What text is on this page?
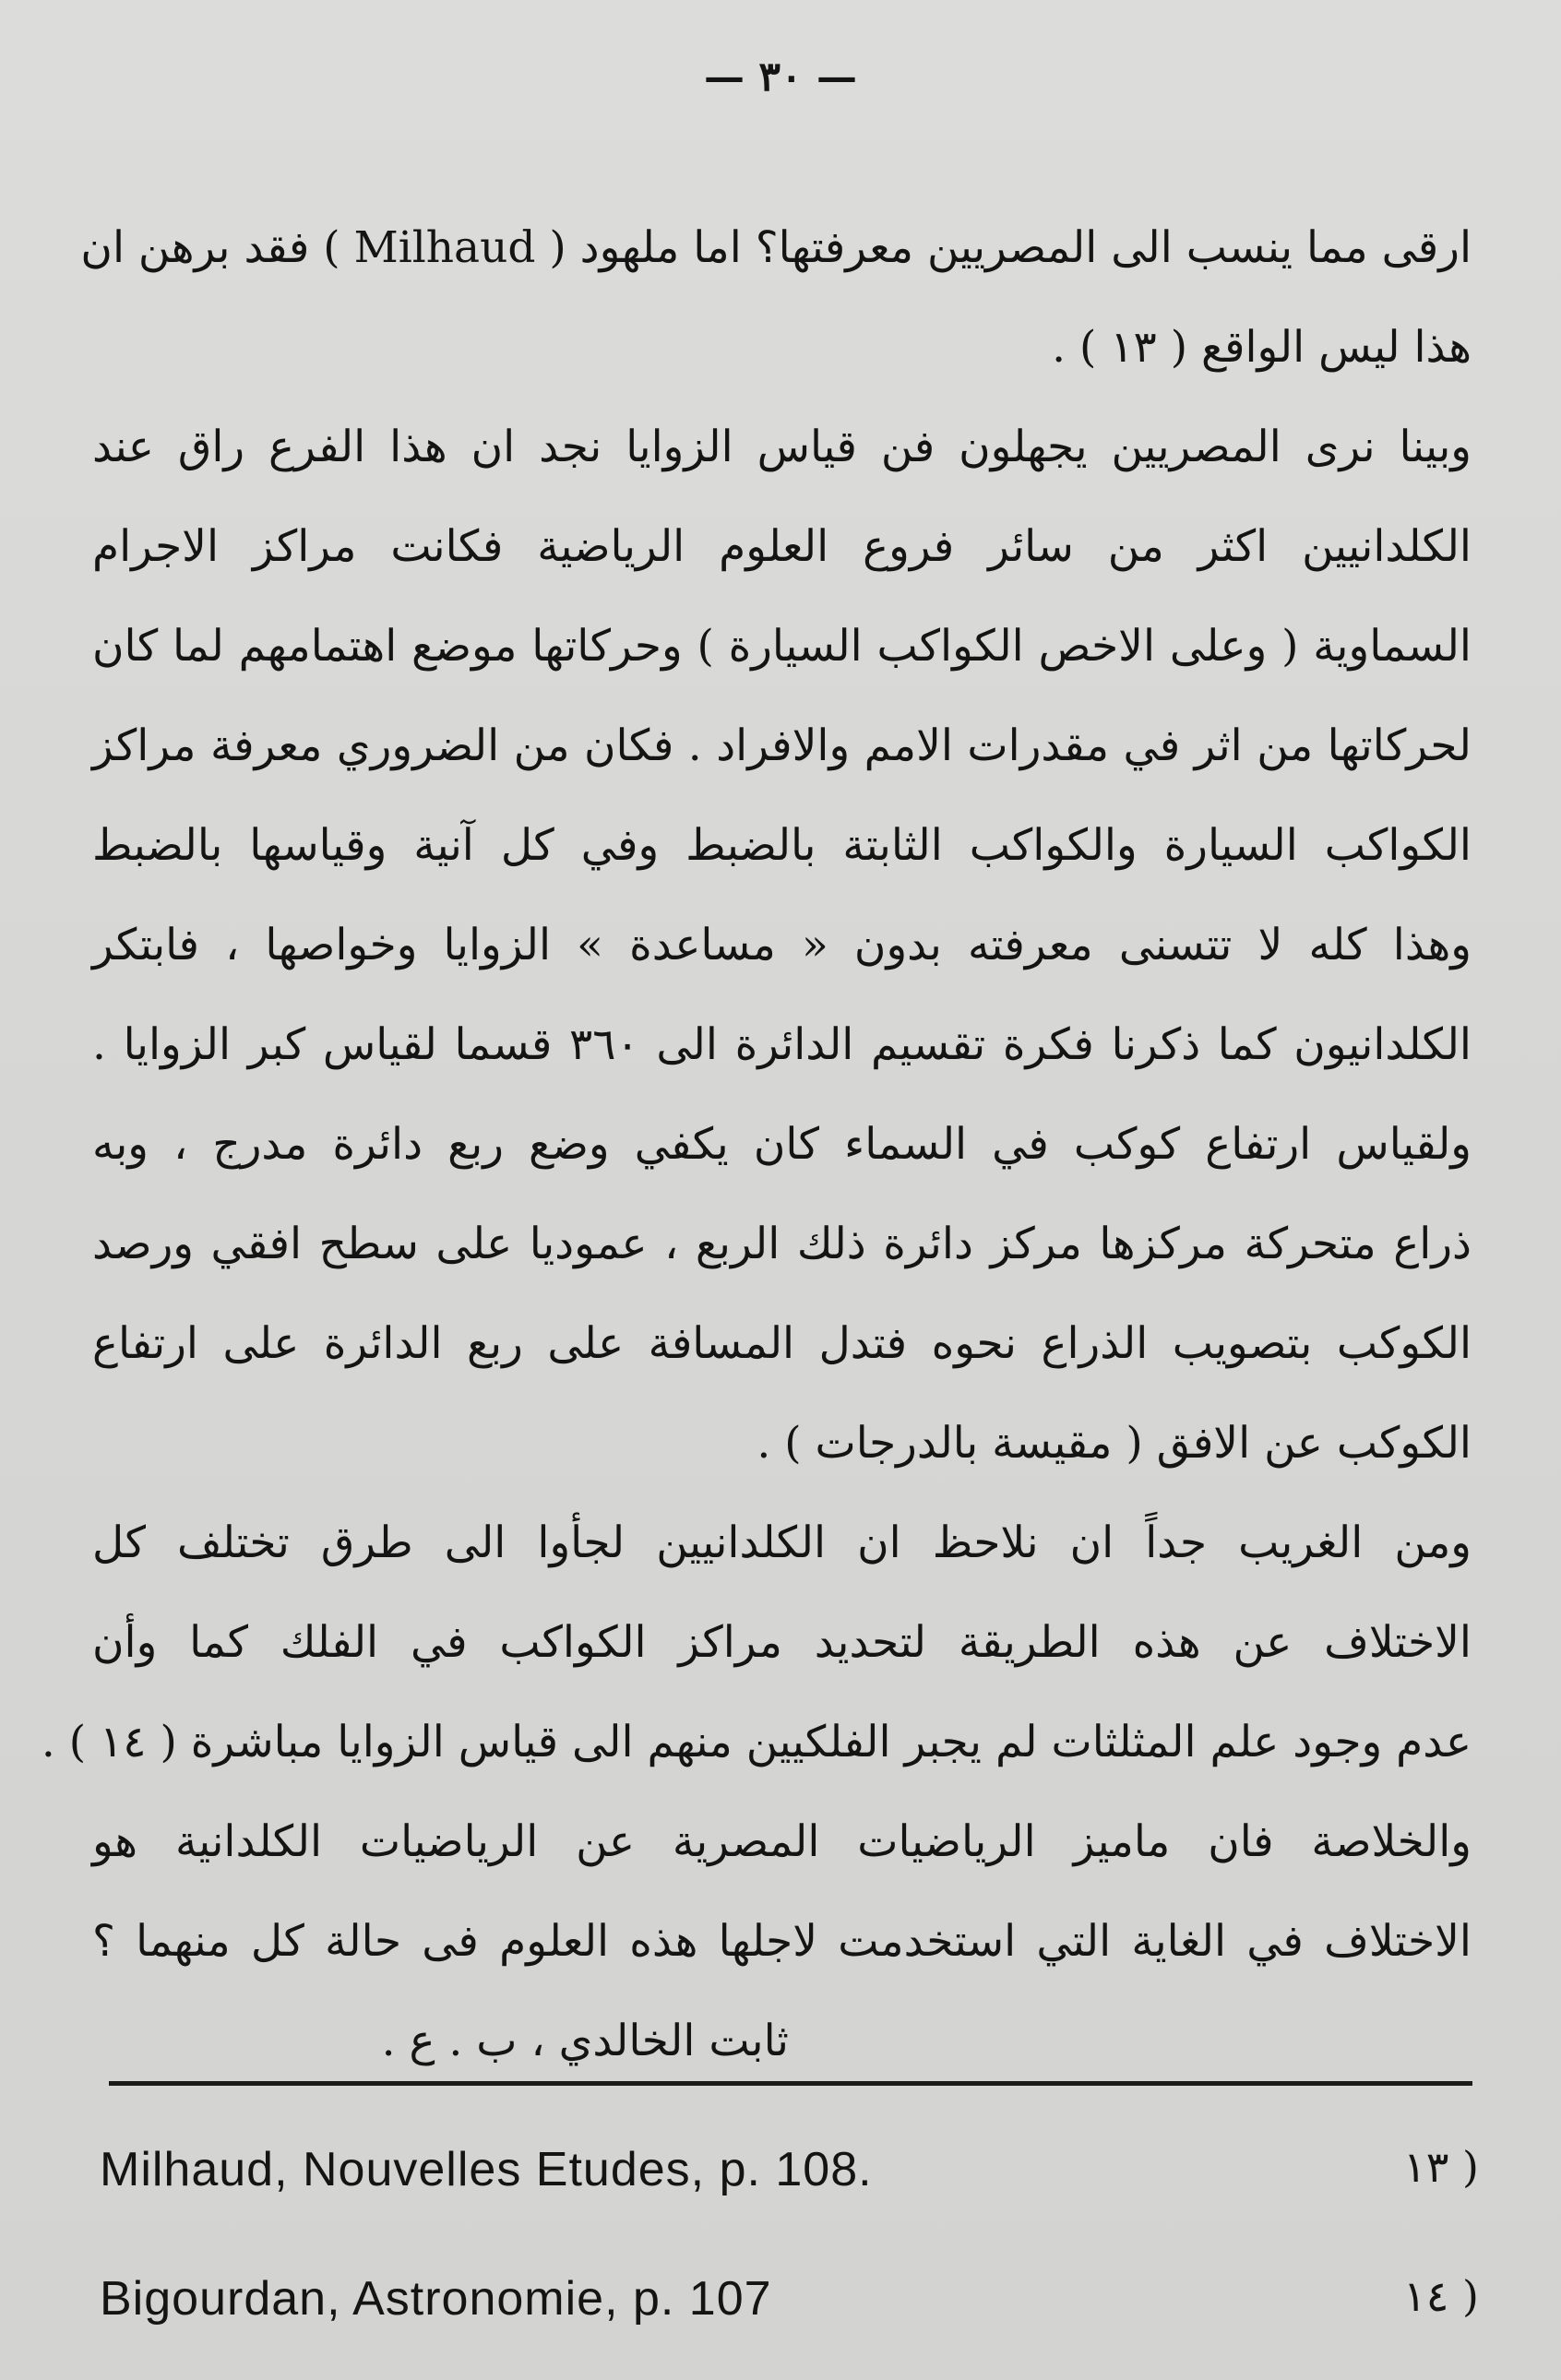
— ٣٠ —
ارقى مما ينسب الى المصريين معرفتها؟ اما ملهود ( Milhaud ) فقد برهن ان
هذا ليس الواقع ( ١٣ ) .
وبينا نرى المصريين يجهلون فن قياس الزوايا نجد ان هذا الفرع راق عند
الكلدانيين اكثر من سائر فروع العلوم الرياضية فكانت مراكز الاجرام
السماوية ( وعلى الاخص الكواكب السيارة ) وحركاتها موضع اهتمامهم لما كان
لحركاتها من اثر في مقدرات الامم والافراد . فكان من الضروري معرفة مراكز
الكواكب السيارة والكواكب الثابتة بالضبط وفي كل آنية وقياسها بالضبط
وهذا كله لا تتسنى معرفته بدون « مساعدة » الزوايا وخواصها ، فابتكر
الكلدانيون كما ذكرنا فكرة تقسيم الدائرة الى ٣٦٠ قسما لقياس كبر الزوايا .
ولقياس ارتفاع كوكب في السماء كان يكفي وضع ربع دائرة مدرج ، وبه
ذراع متحركة مركزها مركز دائرة ذلك الربع ، عموديا على سطح افقي ورصد
الكوكب بتصويب الذراع نحوه فتدل المسافة على ربع الدائرة على ارتفاع
الكوكب عن الافق ( مقيسة بالدرجات ) .
ومن الغريب جداً ان نلاحظ ان الكلدانيين لجأوا الى طرق تختلف كل
الاختلاف عن هذه الطريقة لتحديد مراكز الكواكب في الفلك كما وأن
عدم وجود علم المثلثات لم يجبر الفلكيين منهم الى قياس الزوايا مباشرة ( ١٤ ) .
والخلاصة فان ماميز الرياضيات المصرية عن الرياضيات الكلدانية هو
الاختلاف في الغاية التي استخدمت لاجلها هذه العلوم فى حالة كل منهما ؟
ثابت الخالدي ، ب . ع .
Milhaud, Nouvelles Etudes, p. 108.	( ١٣
Bigourdan, Astronomie, p. 107	( ١٤
